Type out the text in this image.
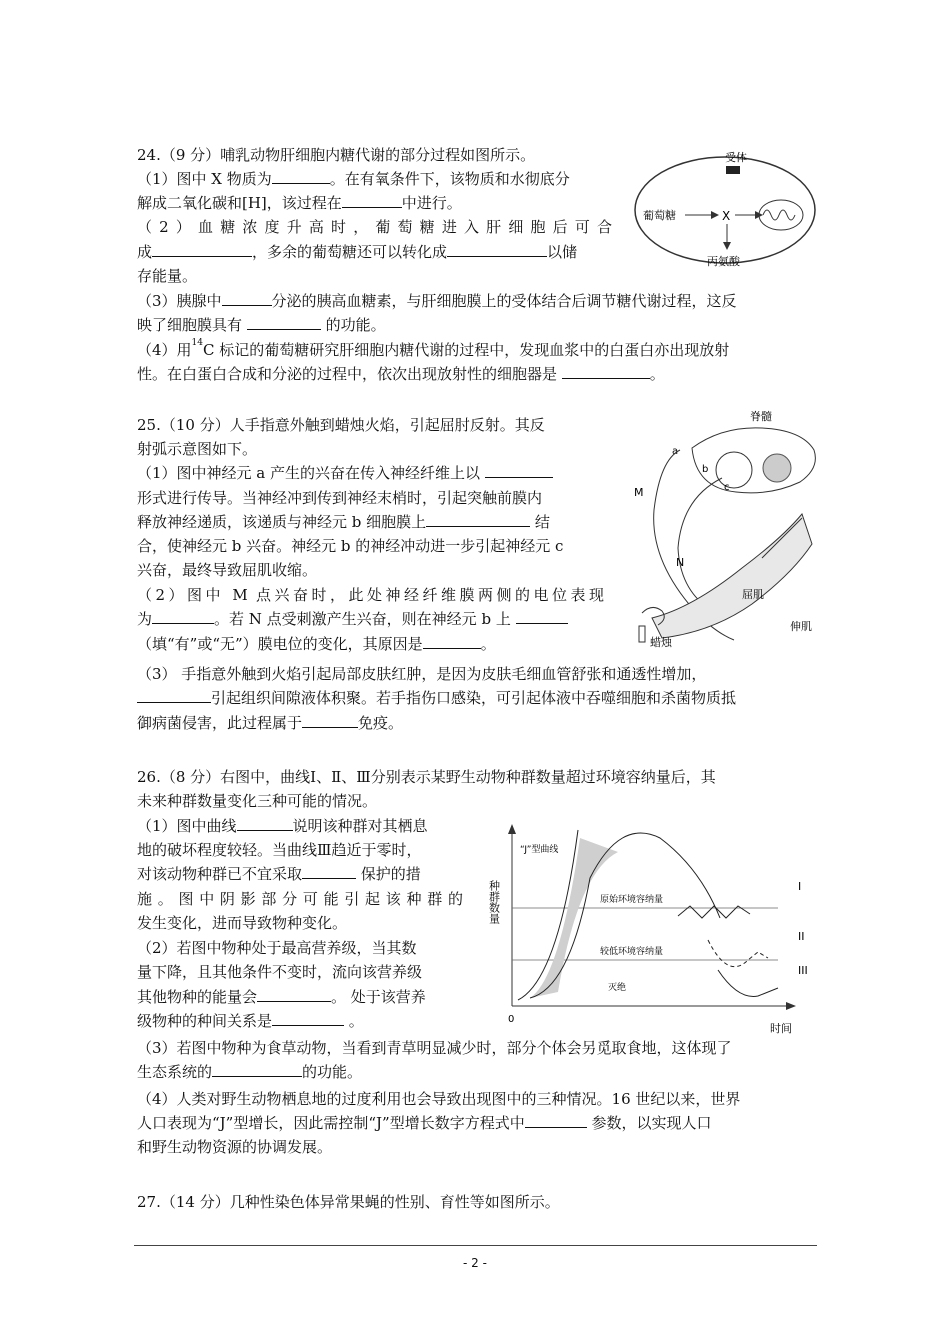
24.（9 分）哺乳动物肝细胞内糖代谢的部分过程如图所示。
（1）图中 X 物质为	。在有氧条件下，该物质和水彻底分
解成二氧化碳和[H]，该过程在	中进行。
（2）血糖浓度升高时，葡萄糖进入肝细胞后可合
成	，多余的葡萄糖还可以转化成	以储
存能量。
（3）胰腺中	分泌的胰高血糖素，与肝细胞膜上的受体结合后调节糖代谢过程，这反
映了细胞膜具有	的功能。
（4）用$^{14}$C 标记的葡萄糖研究肝细胞内糖代谢的过程中，发现血浆中的白蛋白亦出现放射
性。在白蛋白合成和分泌的过程中，依次出现放射性的细胞器是	。
受体
葡萄糖	X
丙氨酸
25.（10 分）人手指意外触到蜡烛火焰，引起屈肘反射。其反
射弧示意图如下。
（1）图中神经元 a 产生的兴奋在传入神经纤维上以
形式进行传导。当神经冲到传到神经末梢时，引起突触前膜内
释放神经递质，该递质与神经元 b 细胞膜上	结
合，使神经元 b 兴奋。神经元 b 的神经冲动进一步引起神经元 c
兴奋，最终导致屈肌收缩。
（2）图中 M 点兴奋时，此处神经纤维膜两侧的电位表现
为	。若 N 点受刺激产生兴奋，则在神经元 b 上
（填“有”或“无”）膜电位的变化，其原因是	。
（3） 手指意外触到火焰引起局部皮肤红肿，是因为皮肤毛细血管舒张和通透性增加，
引起组织间隙液体积聚。若手指伤口感染，可引起体液中吞噬细胞和杀菌物质抵
御病菌侵害，此过程属于	免疫。
脊髓
a
b
c
M
N
屈肌
伸肌
蜡烛
26.（8 分）右图中，曲线Ⅰ、Ⅱ、Ⅲ分别表示某野生动物种群数量超过环境容纳量后，其
未来种群数量变化三种可能的情况。
（1）图中曲线	说明该种群对其栖息
地的破坏程度较轻。当曲线Ⅲ趋近于零时，
对该动物种群已不宜采取	保护的措
施。图中阴影部分可能引起该种群的
发生变化，进而导致物种变化。
（2）若图中物种处于最高营养级，当其数
量下降，且其他条件不变时，流向该营养级
其他物种的能量会	。 处于该营养
级物种的种间关系是	。
（3）若图中物种为食草动物，当看到青草明显减少时，部分个体会另觅取食地，这体现了
生态系统的	的功能。
（4）人类对野生动物栖息地的过度利用也会导致出现图中的三种情况。16 世纪以来，世界
人口表现为“J”型增长，因此需控制“J”型增长数字方程式中	参数，以实现人口
和野生动物资源的协调发展。
种群数量
0
时间
原始环境容纳量
较低环境容纳量
灭绝
“J”型曲线
I
II
III
27.（14 分）几种性染色体异常果蝇的性别、育性等如图所示。
- 2 -
